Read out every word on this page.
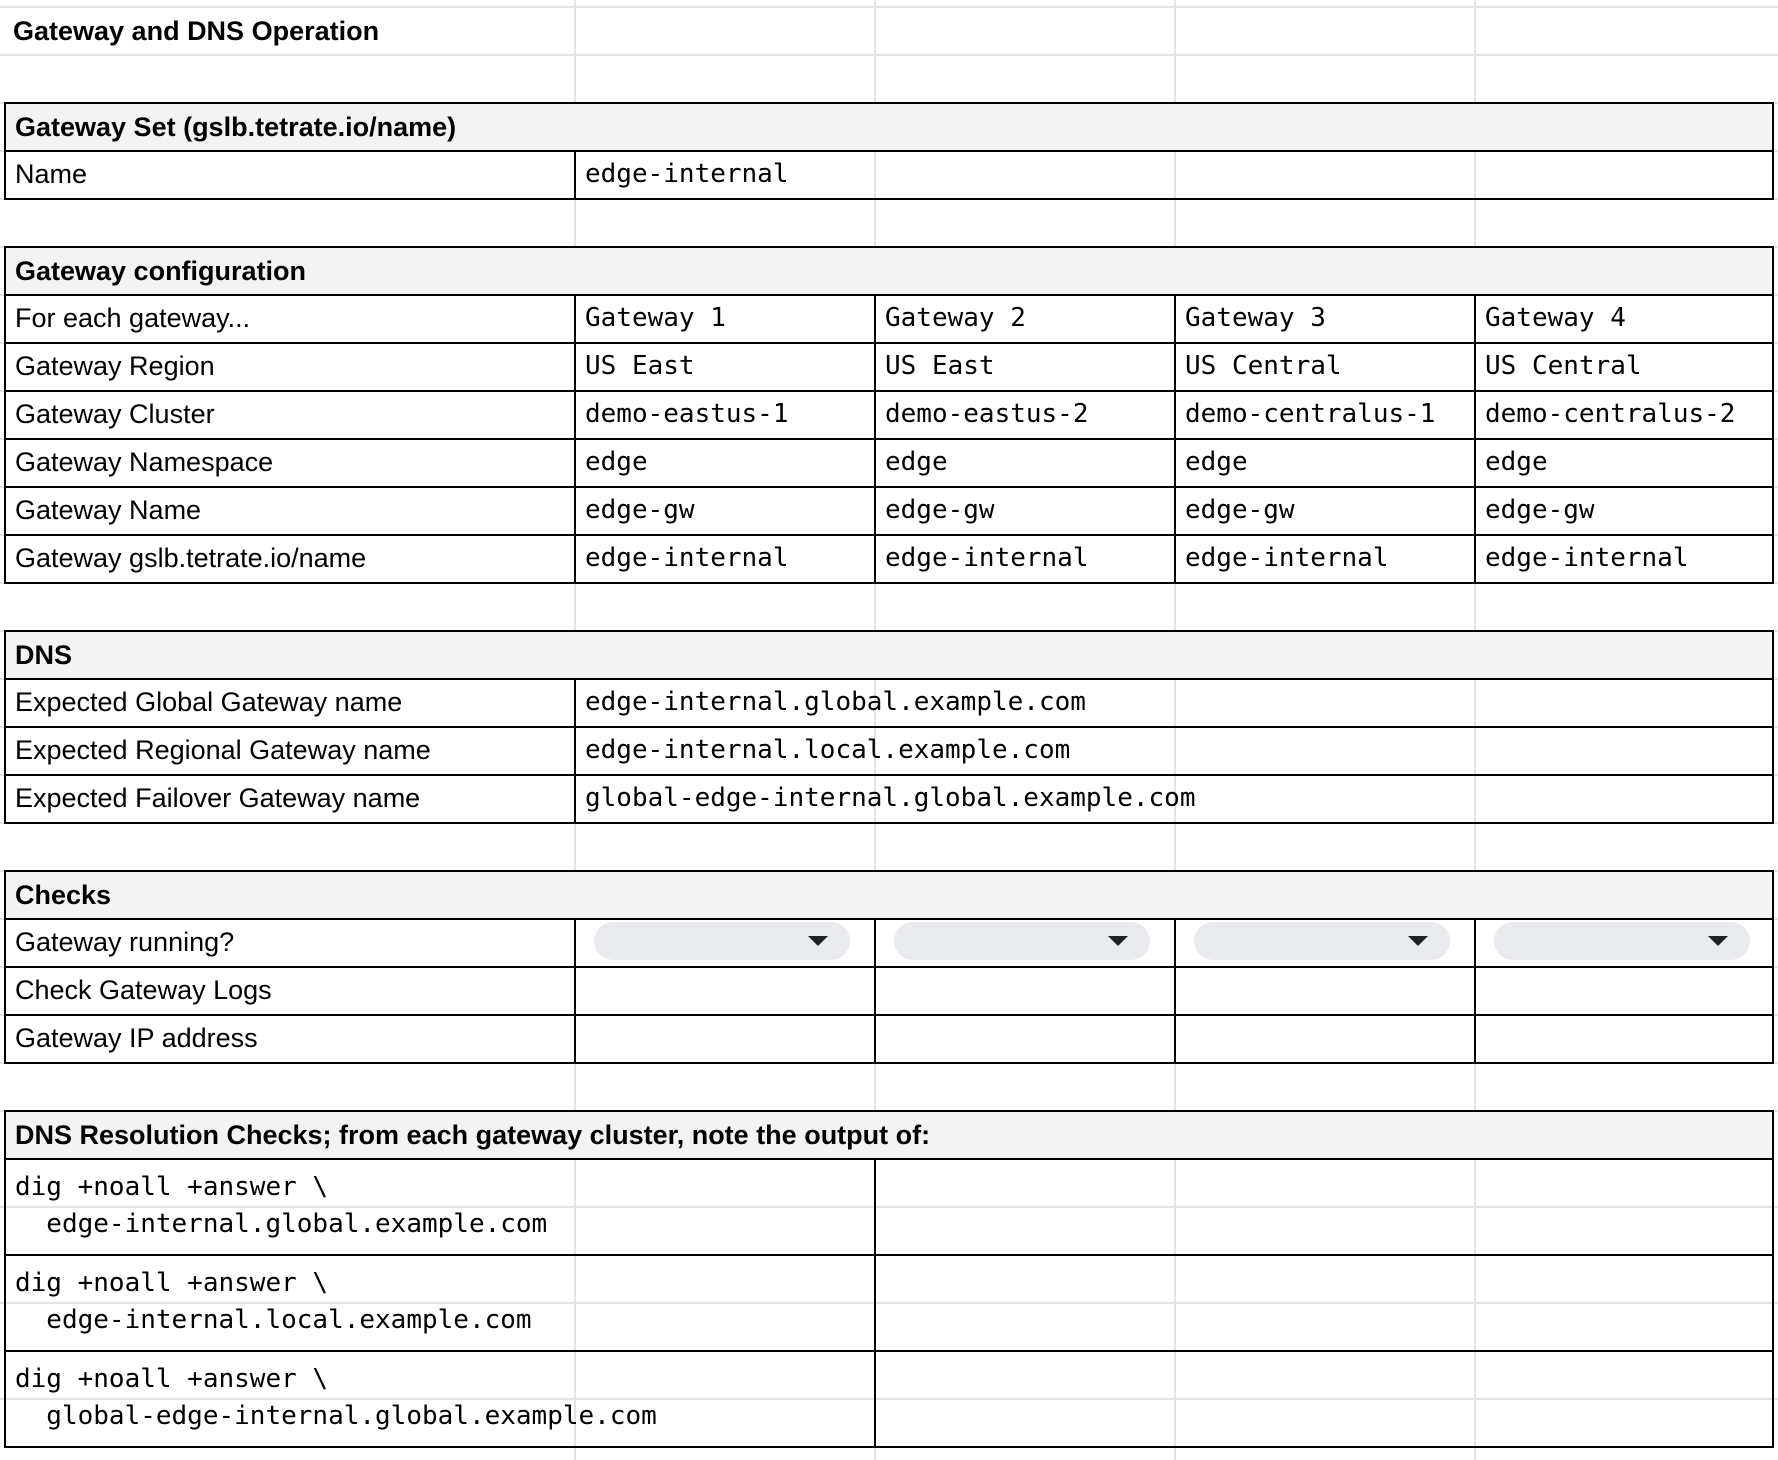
Gateway and DNS Operation
Gateway Set (gslb.tetrate.io/name)
Name	edge-internal
Gateway configuration
For each gateway...	Gateway 1	Gateway 2	Gateway 3	Gateway 4
Gateway Region	US East	US East	US Central	US Central
Gateway Cluster	demo-eastus-1	demo-eastus-2	demo-centralus-1	demo-centralus-2
Gateway Namespace	edge	edge	edge	edge
Gateway Name	edge-gw	edge-gw	edge-gw	edge-gw
Gateway gslb.tetrate.io/name	edge-internal	edge-internal	edge-internal	edge-internal
DNS
Expected Global Gateway name	edge-internal.global.example.com
Expected Regional Gateway name	edge-internal.local.example.com
Expected Failover Gateway name	global-edge-internal.global.example.com
Checks
Gateway running?
Check Gateway Logs
Gateway IP address
DNS Resolution Checks; from each gateway cluster, note the output of:
dig +noall +answer \
edge-internal.global.example.com
dig +noall +answer \
edge-internal.local.example.com
dig +noall +answer \
global-edge-internal.global.example.com
